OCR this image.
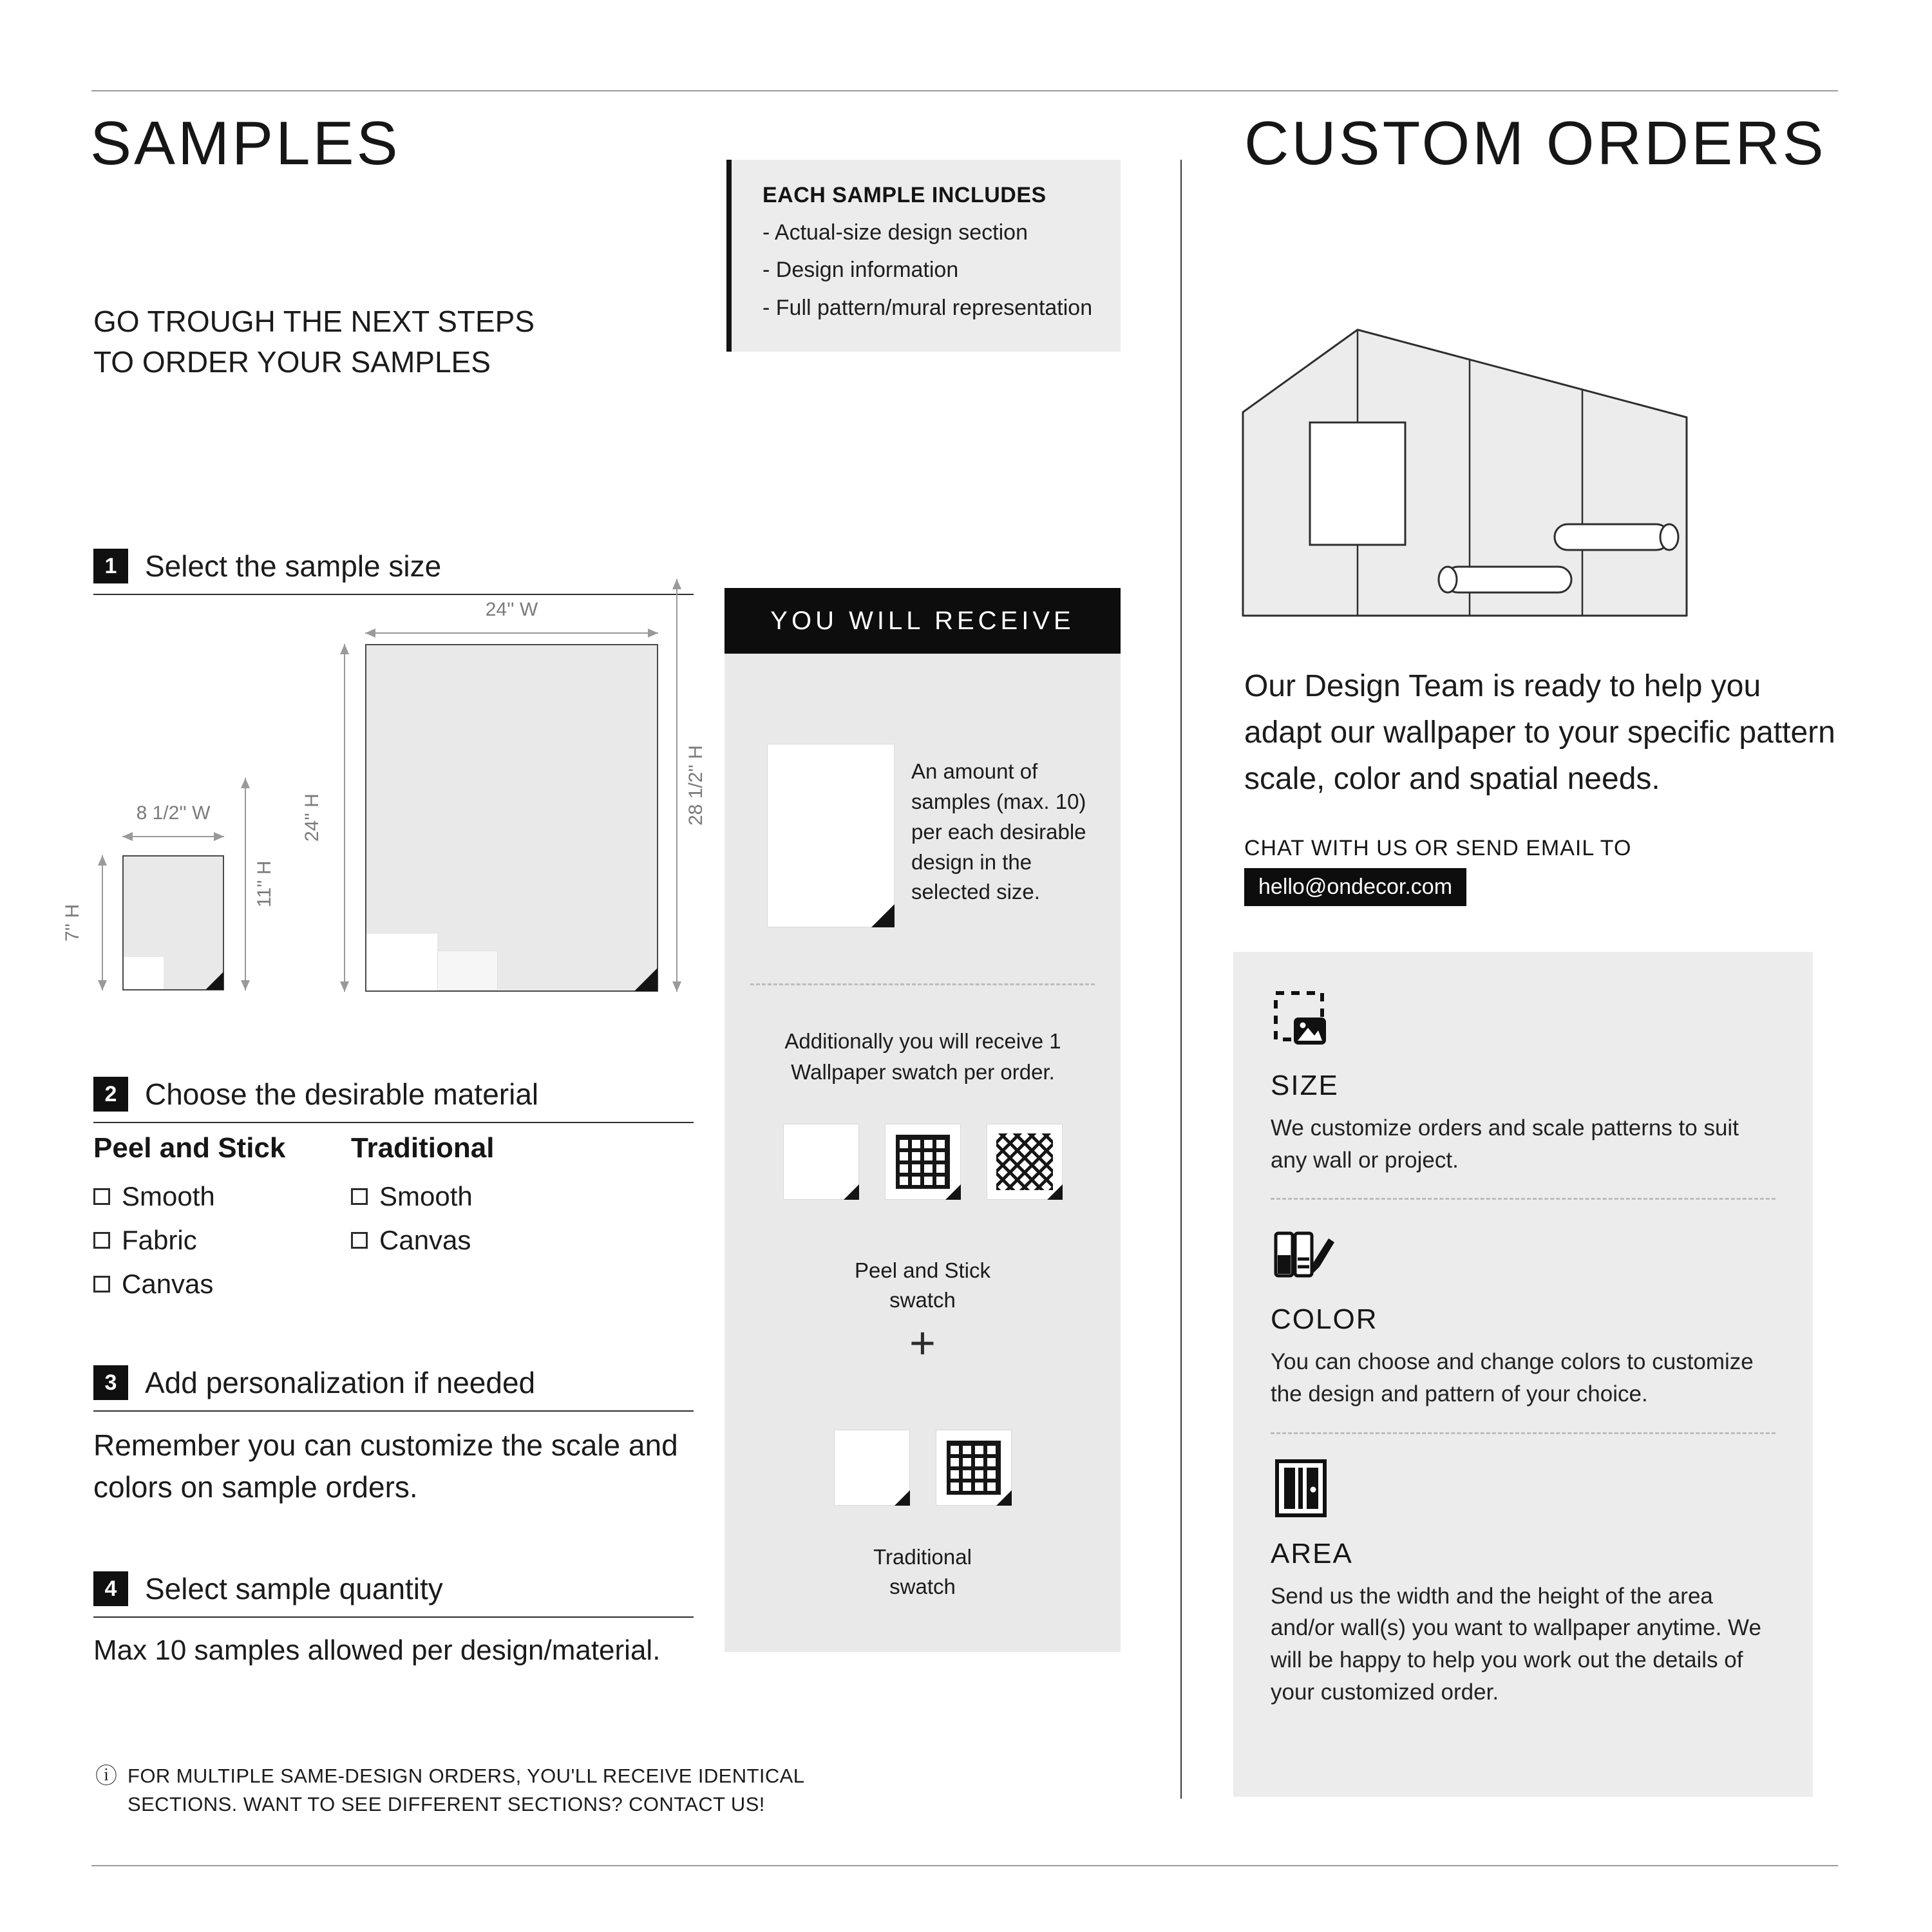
SAMPLES
GO TROUGH THE NEXT STEPS
TO ORDER YOUR SAMPLES
EACH SAMPLE INCLUDES
- Actual-size design section
- Design information
- Full pattern/mural representation
1 Select the sample size
24'' W
24'' H	28 1/2'' H
8 1/2'' W
7'' H
11'' H
2 Choose the desirable material
Peel and Stick
Smooth
Fabric
Canvas
Traditional
Smooth
Canvas
3 Add personalization if needed
Remember you can customize the scale and colors on sample orders.
4 Select sample quantity
Max 10 samples allowed per design/material.
ⓘ FOR MULTIPLE SAME-DESIGN ORDERS, YOU'LL RECEIVE IDENTICAL SECTIONS. WANT TO SEE DIFFERENT SECTIONS? CONTACT US!
YOU WILL RECEIVE
An amount of samples (max. 10) per each desirable design in the selected size.
Additionally you will receive 1 Wallpaper swatch per order.
Peel and Stick swatch
+
Traditional swatch
CUSTOM ORDERS
Our Design Team is ready to help you adapt our wallpaper to your specific pattern scale, color and spatial needs.
CHAT WITH US OR SEND EMAIL TO
hello@ondecor.com
SIZE
We customize orders and scale patterns to suit any wall or project.
COLOR
You can choose and change colors to customize the design and pattern of your choice.
AREA
Send us the width and the height of the area and/or wall(s) you want to wallpaper anytime. We will be happy to help you work out the details of your customized order.
